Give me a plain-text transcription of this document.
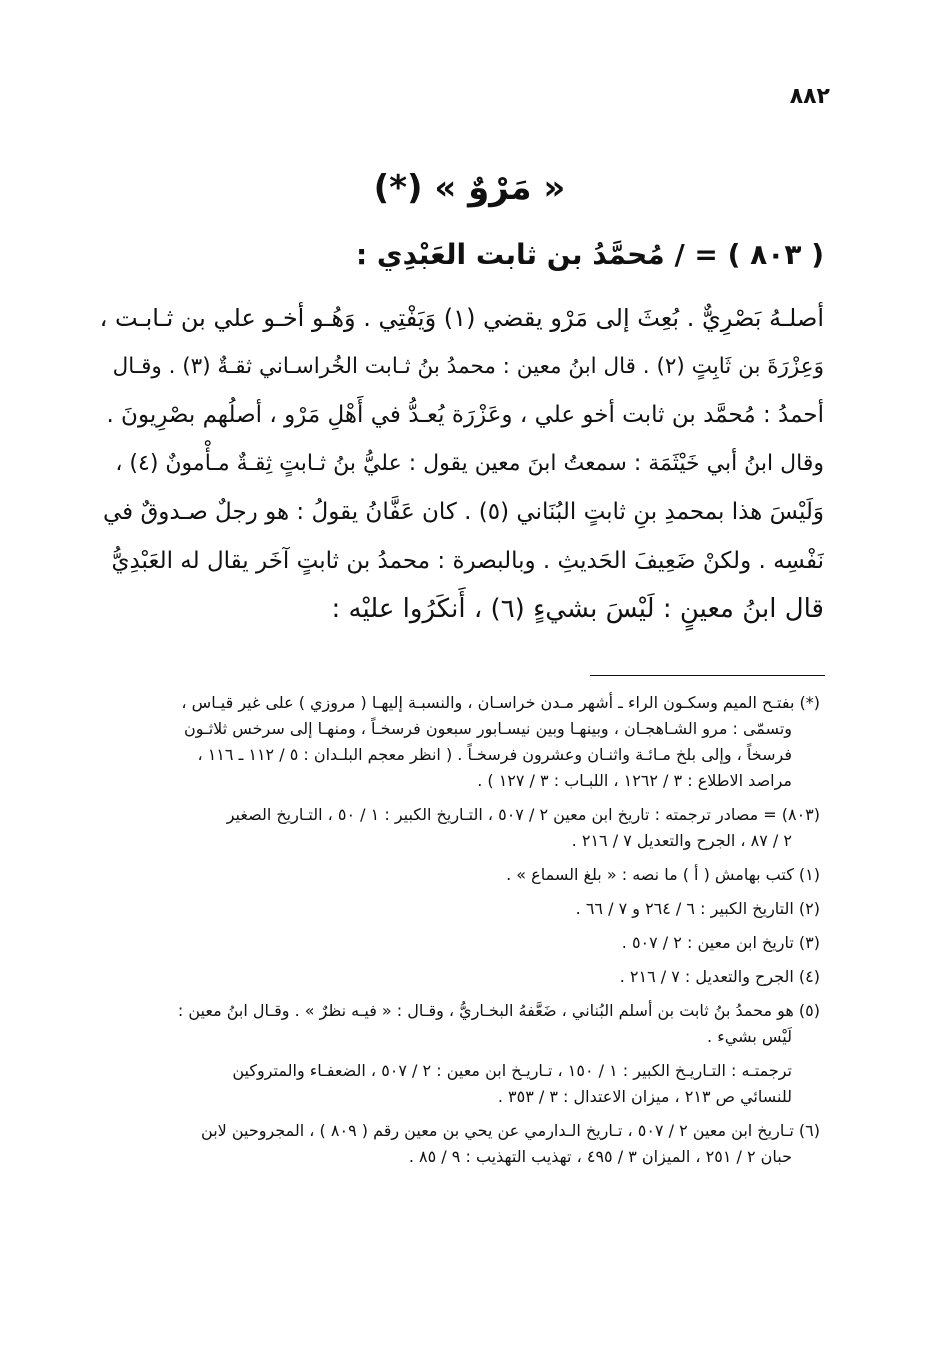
٨٨٢
« مَرْوٌ » (*)
( ٨٠٣ ) = / مُحمَّدُ بن ثابت العَبْدِي :
أصلـهُ بَصْرِيٌّ . بُعِثَ إلى مَرْو يقضي (١) وَيَفْتِي . وَهُـو أخـو علي بن ثـابـت ،
وَعِزْرَةَ بن ثَابِتٍ (٢) . قال ابنُ معين : محمدُ بنُ ثـابت الخُراسـاني ثقـةٌ (٣) . وقـال
أحمدُ : مُحمَّد بن ثابت أخو علي ، وعَزْرَة يُعـدُّ في أَهْلِ مَرْو ، أصلُهم بصْرِيونَ .
وقال ابنُ أبي خَيْثَمَة : سمعتُ ابنَ معين يقول : عليُّ بنُ ثـابتٍ ثِقـةٌ مـأْمونٌ (٤) ،
وَلَيْسَ هذا بمحمدِ بنِ ثابتٍ البُنَاني (٥) . كان عَفَّانُ يقولُ : هو رجلٌ صـدوقٌ في
نَفْسِه . ولكنْ ضَعِيفَ الحَديثِ . وبالبصرة : محمدُ بن ثابتٍ آخَر يقال له العَبْدِيُّ
قال ابنُ معينٍ : لَيْسَ بشيءٍ (٦) ، أَنكَرُوا عليْه :
(*) بفتـح الميم وسكـون الراء ـ أشهر مـدن خراسـان ، والنسبـة إليهـا ( مروزي ) على غير قيـاس ،
وتسمّى : مرو الشـاهجـان ، وبينهـا وبين نيسـابور سبعون فرسخـاً ، ومنهـا إلى سرخس ثلاثـون
فرسخاً ، وإلى بلخ مـائـة واثنـان وعشرون فرسخـاً . ( انظر معجم البلـدان : ٥ / ١١٢ ـ ١١٦ ،
مراصد الاطلاع : ٣ / ١٢٦٢ ، اللبـاب : ٣ / ١٢٧ ) .
(٨٠٣) = مصادر ترجمته : تاريخ ابن معين ٢ / ٥٠٧ ، التـاريخ الكبير : ١ / ٥٠ ، التـاريخ الصغير
٢ / ٨٧ ، الجرح والتعديل ٧ / ٢١٦ .
(١) كتب بهامش ( أ ) ما نصه : « بلغ السماع » .
(٢) التاريخ الكبير : ٦ / ٢٦٤ و ٧ / ٦٦ .
(٣) تاريخ ابن معين : ٢ / ٥٠٧ .
(٤) الجرح والتعديل : ٧ / ٢١٦ .
(٥) هو محمدُ بنُ ثابت بن أسلم البُناني ، ضَعَّفهُ البخـاريُّ ، وقـال : « فيـه نظرٌ » . وقـال ابنُ معين :
لَيْس بشيء .
ترجمتـه : التـاريـخ الكبير : ١ / ١٥٠ ، تـاريـخ ابن معين : ٢ / ٥٠٧ ، الضعفـاء والمتروكين
للنسائي ص ٢١٣ ، ميزان الاعتدال : ٣ / ٣٥٣ .
(٦) تـاريخ ابن معين ٢ / ٥٠٧ ، تـاريخ الـدارمي عن يحي بن معين رقم ( ٨٠٩ ) ، المجروحين لابن
حبان ٢ / ٢٥١ ، الميزان ٣ / ٤٩٥ ، تهذيب التهذيب : ٩ / ٨٥ .
